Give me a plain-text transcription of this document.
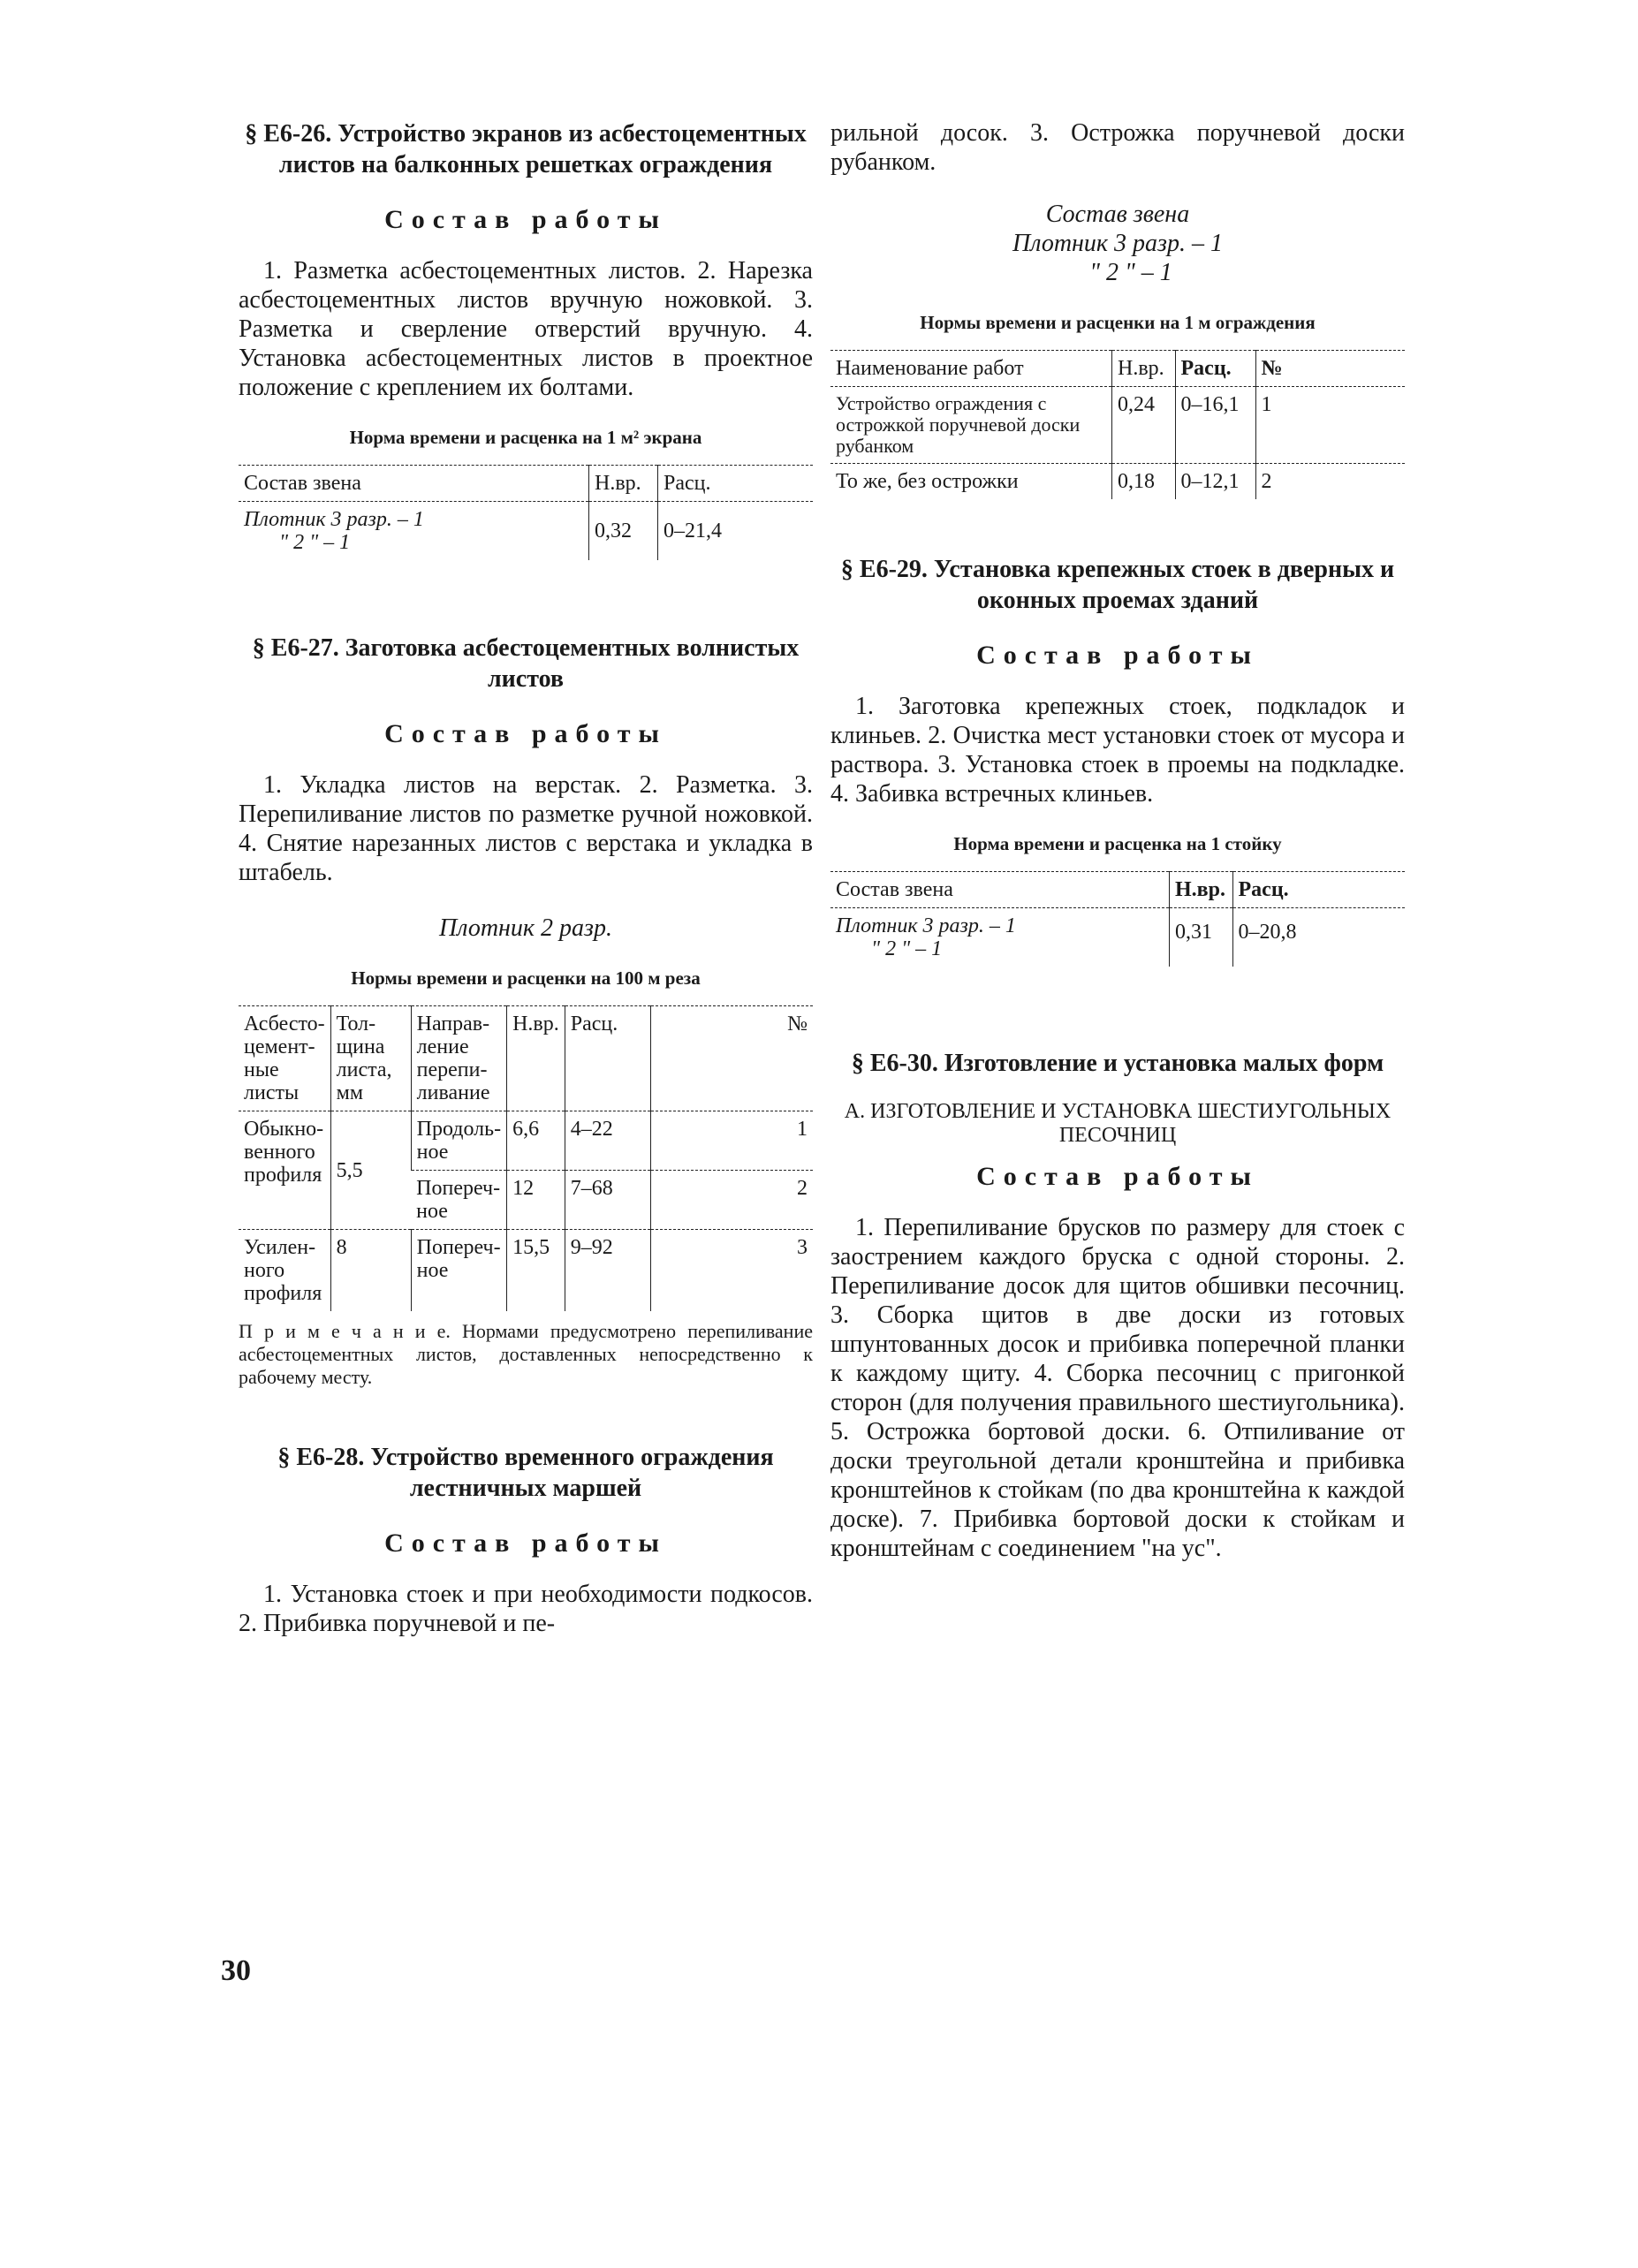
§ Е6-26. Устройство экранов из асбестоцементных листов на балконных решетках ограждения
Состав работы

1. Разметка асбестоцементных листов. 2. Нарезка асбестоцементных листов вручную ножовкой. 3. Разметка и сверление отверстий вручную. 4. Установка асбестоцементных листов в проектное положение с креплением их болтами.

Норма времени и расценка на 1 м² экрана
Состав звена	Н.вр.	Расц.

Плотник 3 разр. – 1
" 2 " – 1	0,32	0–21,4
§ Е6-27. Заготовка асбестоцементных волнистых листов
Состав работы

1. Укладка листов на верстак. 2. Разметка. 3. Перепиливание листов по разметке ручной ножовкой. 4. Снятие нарезанных листов с верстака и укладка в штабель.

Плотник 2 разр.
Нормы времени и расценки на 100 м реза
Асбесто-цемент-ные листы	Тол-щина листа, мм	Направ-ление перепи-ливание	Н.вр.	Расц.	№
Обыкно-венного профиля	5,5	Продоль-ное	6,6	4–22	1
		Попереч-ное	12	7–68	2
Усилен-ного профиля	8	Попереч-ное	15,5	9–92	3

П р и м е ч а н и е. Нормами предусмотрено перепиливание асбестоцементных листов, доставленных непосредственно к рабочему месту.

§ Е6-28. Устройство временного ограждения лестничных маршей
Состав работы

1. Установка стоек и при необходимости подкосов. 2. Прибивка поручневой и пе-

рильной досок. 3. Острожка поручневой доски рубанком.

Состав звена
Плотник 3 разр. – 1
" 2 " – 1
Нормы времени и расценки на 1 м ограждения
Наименование работ	Н.вр.	Расц.	№
Устройство ограждения с острожкой поручневой доски рубанком	0,24	0–16,1	1
То же, без острожки	0,18	0–12,1	2
§ Е6-29. Установка крепежных стоек в дверных и оконных проемах зданий
Состав работы

1. Заготовка крепежных стоек, подкладок и клиньев. 2. Очистка мест установки стоек от мусора и раствора. 3. Установка стоек в проемы на подкладке. 4. Забивка встречных клиньев.

Норма времени и расценка на 1 стойку
Состав звена	Н.вр.	Расц.

Плотник 3 разр. – 1
" 2 " – 1	0,31	0–20,8
§ Е6-30. Изготовление и установка малых форм
А. ИЗГОТОВЛЕНИЕ И УСТАНОВКА ШЕСТИУГОЛЬНЫХ ПЕСОЧНИЦ
Состав работы

1. Перепиливание брусков по размеру для стоек с заострением каждого бруска с одной стороны. 2. Перепиливание досок для щитов обшивки песочниц. 3. Сборка щитов в две доски из готовых шпунтованных досок и прибивка поперечной планки к каждому щиту. 4. Сборка песочниц с пригонкой сторон (для получения правильного шестиугольника). 5. Острожка бортовой доски. 6. Отпиливание от доски треугольной детали кронштейна и прибивка кронштейнов к стойкам (по два кронштейна к каждой доске). 7. Прибивка бортовой доски к стойкам и кронштейнам с соединением "на ус".

30
